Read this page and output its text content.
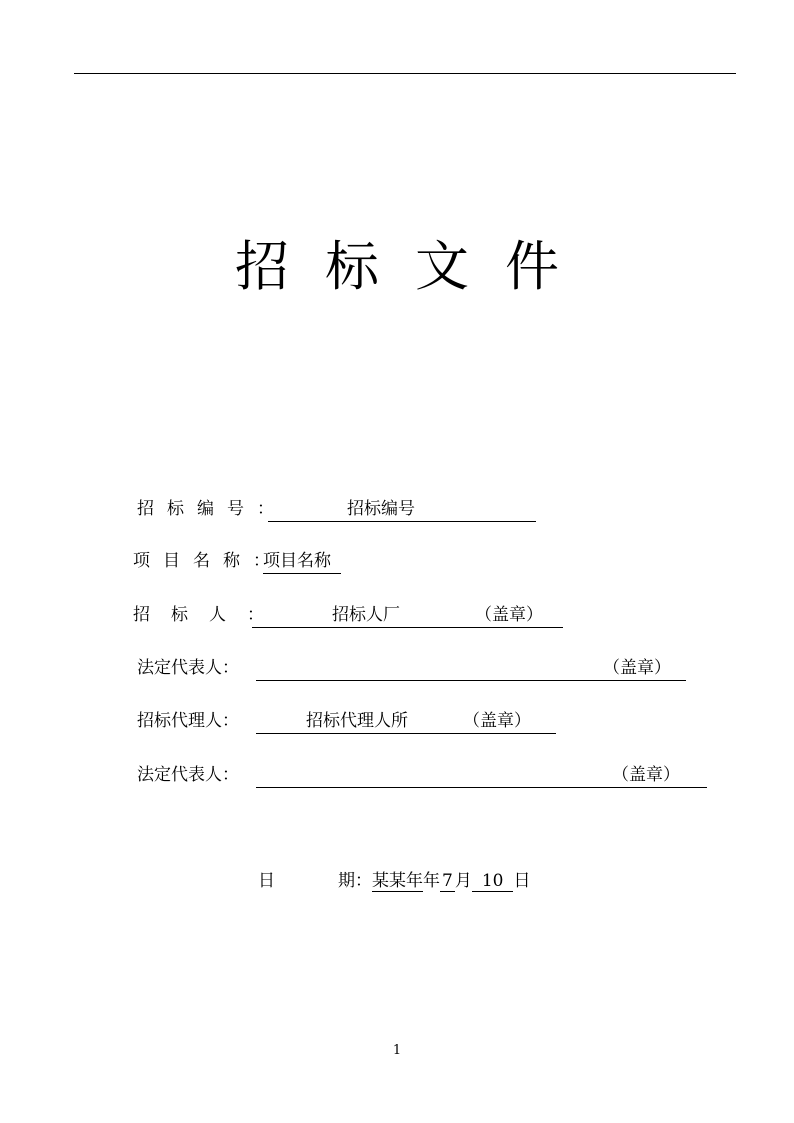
招标文件
招标编号：	招标编号
项目名称：
项目名称
招标人：	招标人厂	（盖章）
法定代表人：	（盖章）
招标代理人：	招标代理人所	（盖章）
法定代表人：	（盖章）
日	期：某某年年 7 月 10 日
1
